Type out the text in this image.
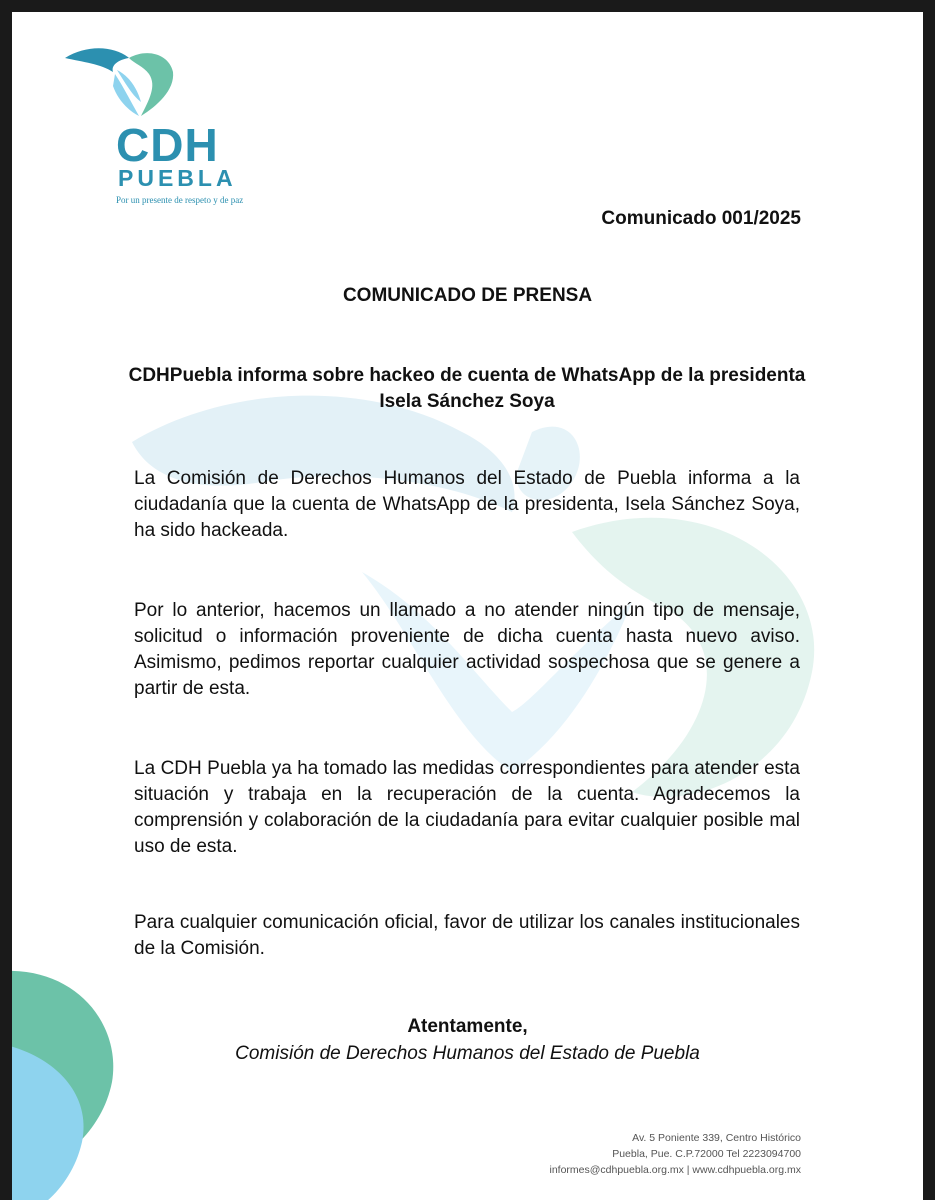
CDH
PUEBLA
Por un presente de respeto y de paz
Comunicado 001/2025
COMUNICADO DE PRENSA
CDHPuebla informa sobre hackeo de cuenta de WhatsApp de la presidenta Isela Sánchez Soya

La Comisión de Derechos Humanos del Estado de Puebla informa a la ciudadanía que la cuenta de WhatsApp de la presidenta, Isela Sánchez Soya, ha sido hackeada.

Por lo anterior, hacemos un llamado a no atender ningún tipo de mensaje, solicitud o información proveniente de dicha cuenta hasta nuevo aviso. Asimismo, pedimos reportar cualquier actividad sospechosa que se genere a partir de esta.

La CDH Puebla ya ha tomado las medidas correspondientes para atender esta situación y trabaja en la recuperación de la cuenta. Agradecemos la comprensión y colaboración de la ciudadanía para evitar cualquier posible mal uso de esta.

Para cualquier comunicación oficial, favor de utilizar los canales institucionales de la Comisión.

Atentamente,
Comisión de Derechos Humanos del Estado de Puebla
Av. 5 Poniente 339, Centro Histórico
Puebla, Pue. C.P.72000 Tel 2223094700
informes@cdhpuebla.org.mx | www.cdhpuebla.org.mx
